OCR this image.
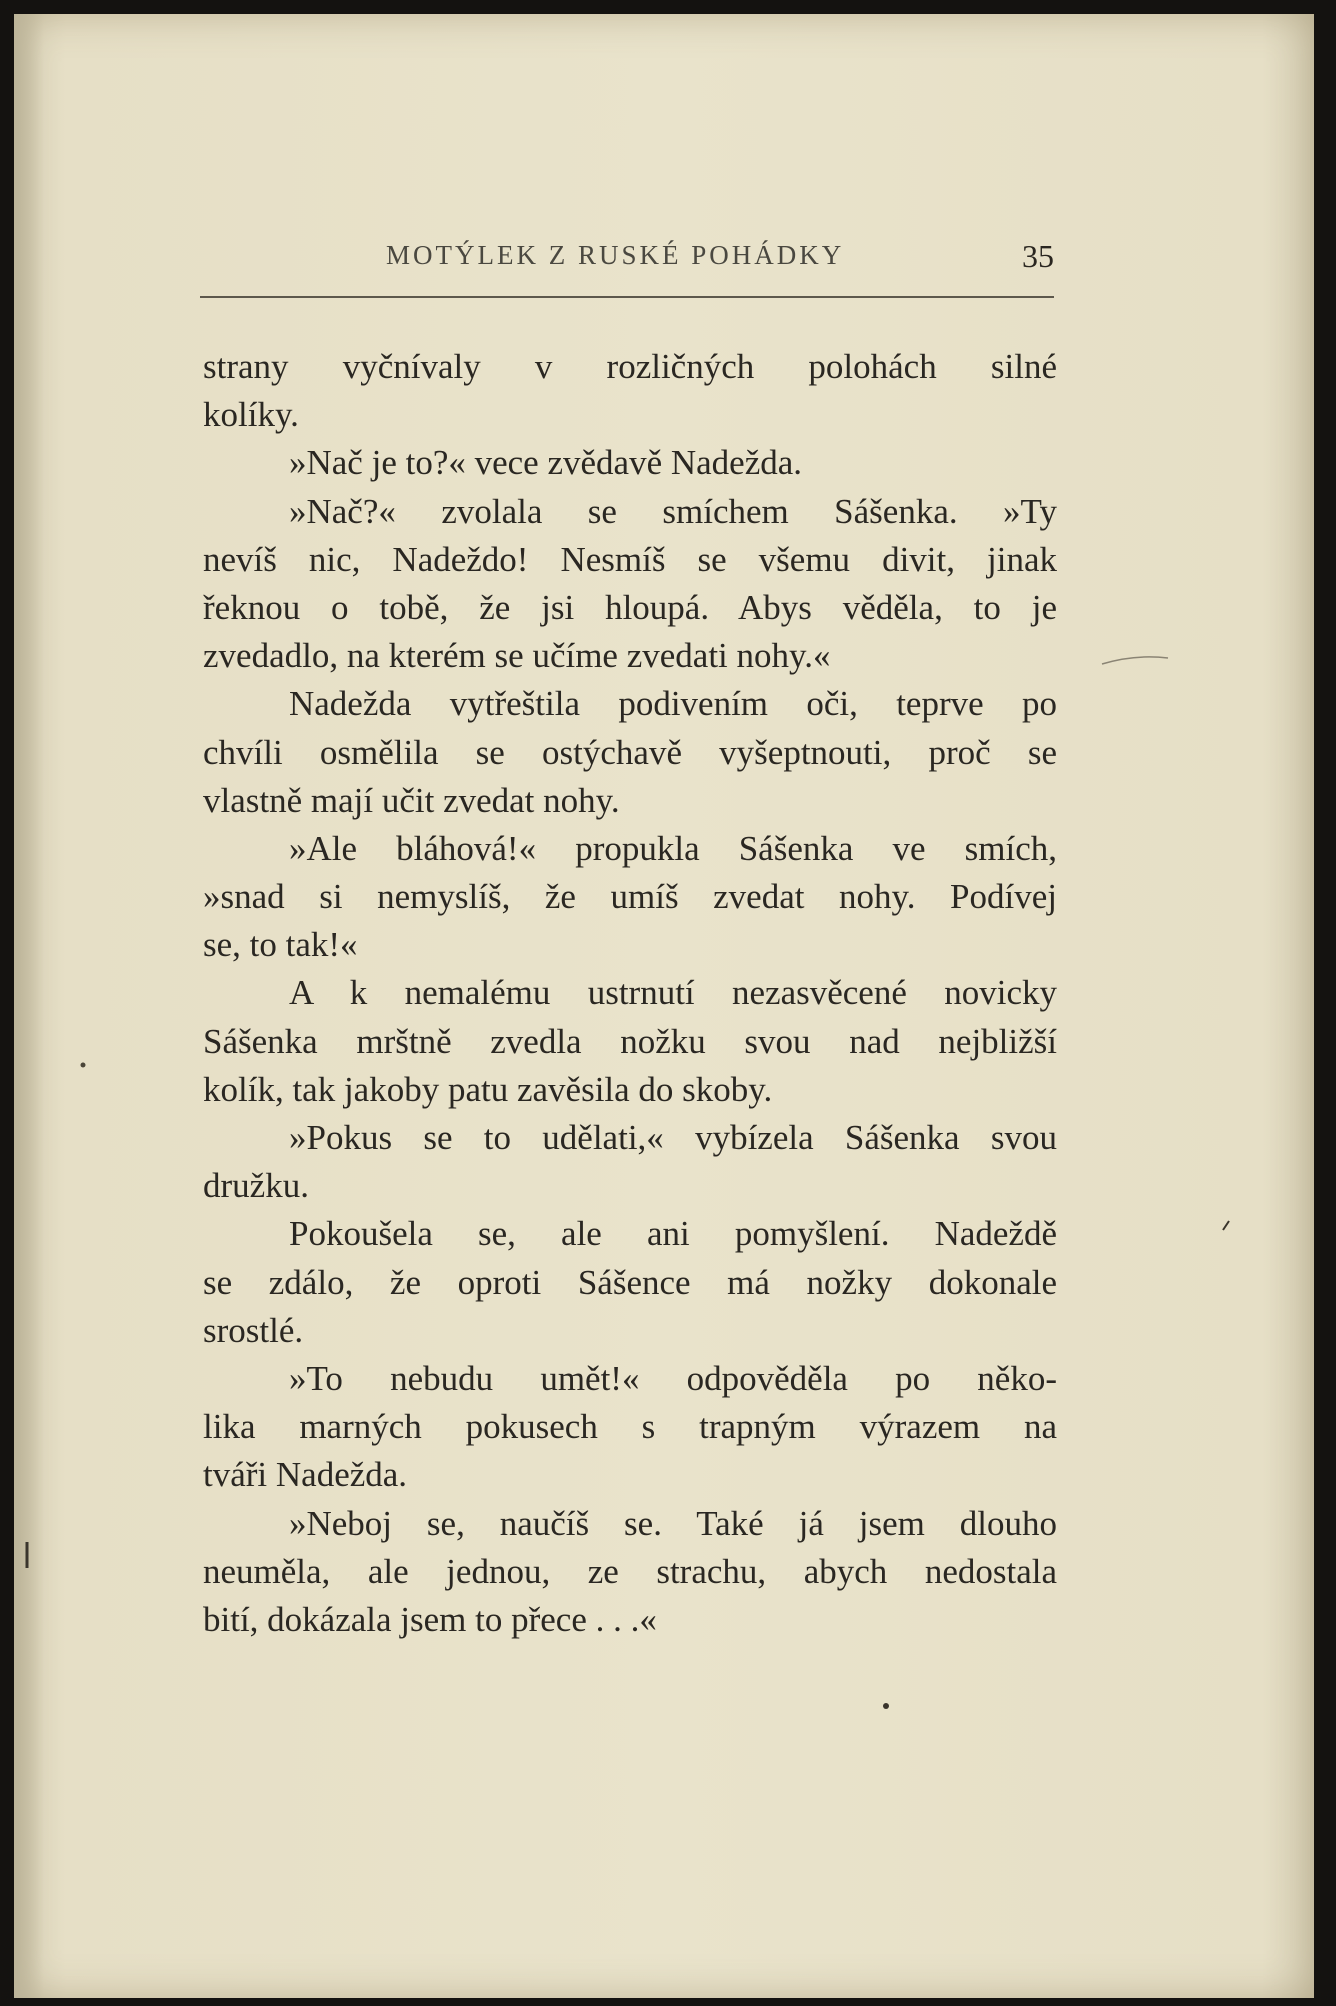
MOTÝLEK Z RUSKÉ POHÁDKY	35
strany vyčnívaly v rozličných polohách silné
kolíky.
»Nač je to?« vece zvědavě Nadežda.
»Nač?« zvolala se smíchem Sášenka. »Ty
nevíš nic, Nadeždo! Nesmíš se všemu divit, jinak
řeknou o tobě, že jsi hloupá. Abys věděla, to je
zvedadlo, na kterém se učíme zvedati nohy.«
Nadežda vytřeštila podivením oči, teprve po
chvíli osmělila se ostýchavě vyšeptnouti, proč se
vlastně mají učit zvedat nohy.
»Ale bláhová!« propukla Sášenka ve smích,
»snad si nemyslíš, že umíš zvedat nohy. Podívej
se, to tak!«
A k nemalému ustrnutí nezasvěcené novicky
Sášenka mrštně zvedla nožku svou nad nejbližší
kolík, tak jakoby patu zavěsila do skoby.
»Pokus se to udělati,« vybízela Sášenka svou
družku.
Pokoušela se, ale ani pomyšlení. Nadeždě
se zdálo, že oproti Sášence má nožky dokonale
srostlé.
»To nebudu umět!« odpověděla po něko-
lika marných pokusech s trapným výrazem na
tváři Nadežda.
»Neboj se, naučíš se. Také já jsem dlouho
neuměla, ale jednou, ze strachu, abych nedostala
bití, dokázala jsem to přece . . .«
